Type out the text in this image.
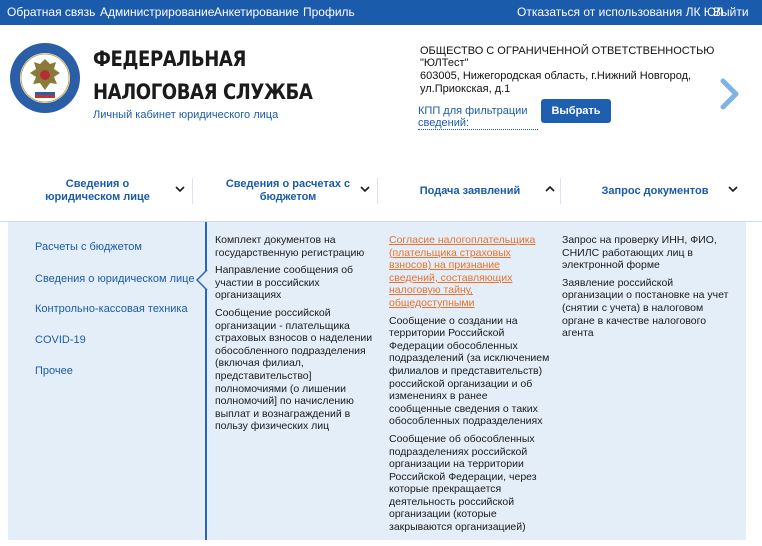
Обратная связь Администрирование Анкетирование Профиль	Отказаться от использования ЛК ЮЛ
Выйти
ФЕДЕРАЛЬНАЯ
НАЛОГОВАЯ СЛУЖБА
Личный кабинет юридического лица
ОБЩЕСТВО С ОГРАНИЧЕННОЙ ОТВЕТСТВЕННОСТЬЮ
"ЮЛТест"
603005, Нижегородская область, г.Нижний Новгород, ул.Приокская, д.1
КПП для фильтрации сведений:
Выбрать
Сведения о юридическом лице
Сведения о расчетах с бюджетом
Подача заявлений	Запрос документов
Расчеты с бюджетом
Сведения о юридическом лице
Контрольно-кассовая техника
COVID-19
Прочее
Комплект документов на государственную регистрацию
Направление сообщения об участии в российских организациях
Сообщение российской организации - плательщика страховых взносов о наделении обособленного подразделения (включая филиал, представительство] полномочиями (о лишении полномочий] по начислению выплат и вознаграждений в пользу физических лиц
Согласие налогоплательщика (плательщика страховых взносов) на признание сведений, составляющих налоговую тайну, общедоступными
Сообщение о создании на территории Российской Федерации обособленных подразделений (за исключением филиалов и представительств) российской организации и об изменениях в ранее сообщенные сведения о таких обособленных подразделениях
Сообщение об обособленных подразделениях российской организации на территории Российской Федерации, через которые прекращается деятельность российской организации (которые закрываются организацией)
Запрос на проверку ИНН, ФИО, СНИЛС работающих лиц в электронной форме
Заявление российской организации о постановке на учет (снятии с учета) в налоговом органе в качестве налогового агента
